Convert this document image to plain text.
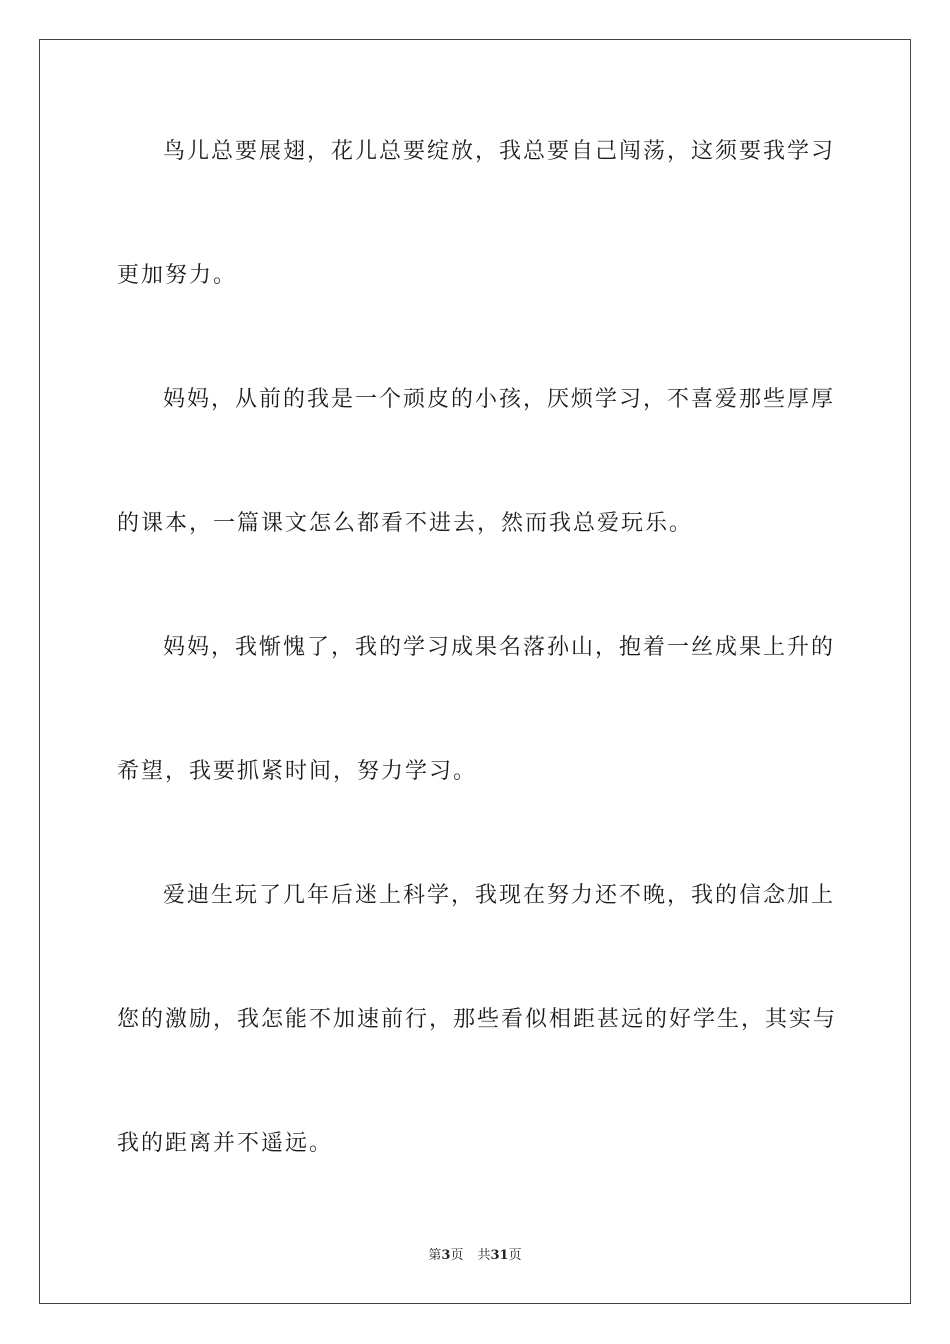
鸟儿总要展翅，花儿总要绽放，我总要自己闯荡，这须要我学习
更加努力。
妈妈，从前的我是一个顽皮的小孩，厌烦学习，不喜爱那些厚厚
的课本，一篇课文怎么都看不进去，然而我总爱玩乐。
妈妈，我惭愧了，我的学习成果名落孙山，抱着一丝成果上升的
希望，我要抓紧时间，努力学习。
爱迪生玩了几年后迷上科学，我现在努力还不晚，我的信念加上
您的激励，我怎能不加速前行，那些看似相距甚远的好学生，其实与
我的距离并不遥远。
第3页 共31页
